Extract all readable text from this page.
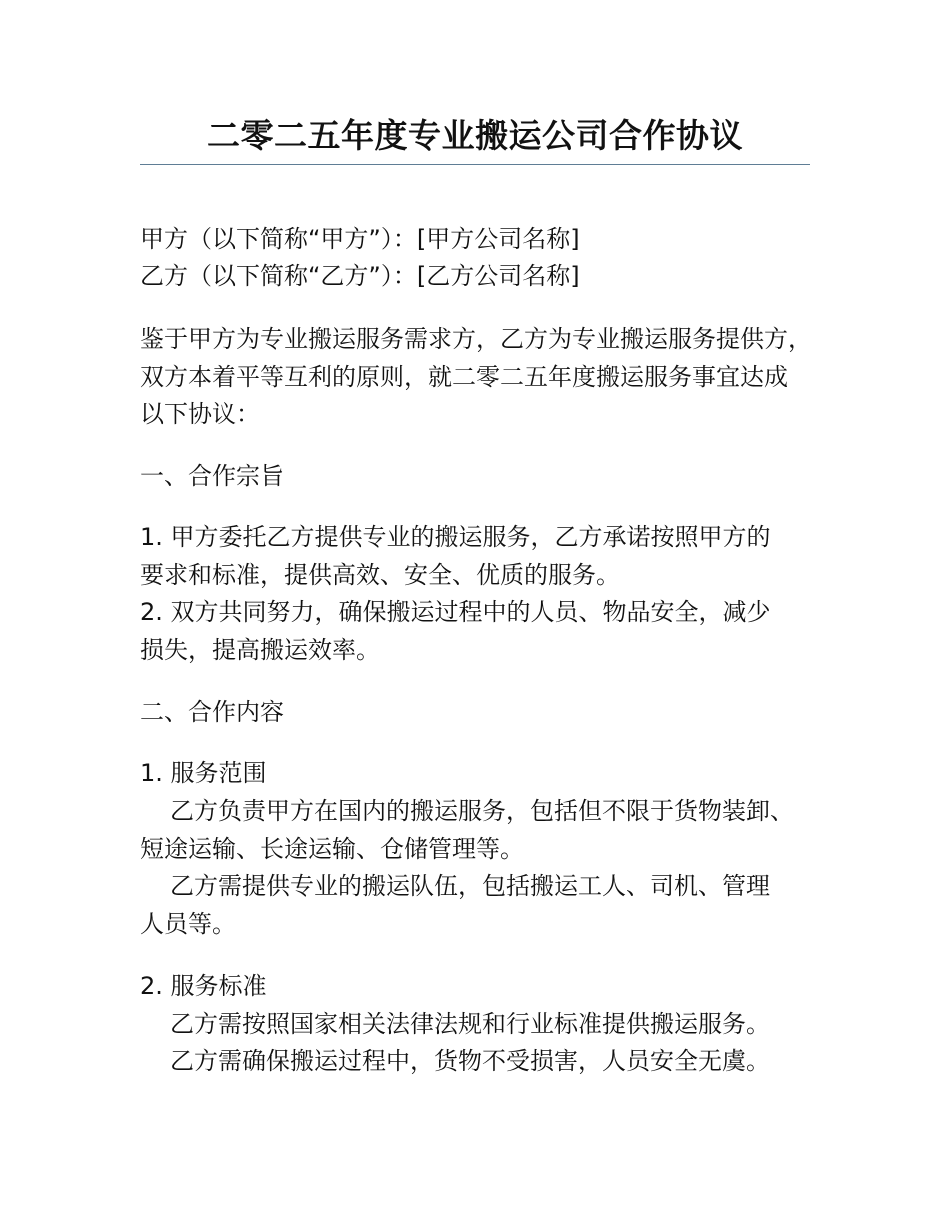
二零二五年度专业搬运公司合作协议
甲方（以下简称“甲方”）：[甲方公司名称]
乙方（以下简称“乙方”）：[乙方公司名称]
鉴于甲方为专业搬运服务需求方，乙方为专业搬运服务提供方，
双方本着平等互利的原则，就二零二五年度搬运服务事宜达成
以下协议：
一、合作宗旨
1. 甲方委托乙方提供专业的搬运服务，乙方承诺按照甲方的
要求和标准，提供高效、安全、优质的服务。
2. 双方共同努力，确保搬运过程中的人员、物品安全，减少
损失，提高搬运效率。
二、合作内容
1. 服务范围
乙方负责甲方在国内的搬运服务，包括但不限于货物装卸、
短途运输、长途运输、仓储管理等。
乙方需提供专业的搬运队伍，包括搬运工人、司机、管理
人员等。
2. 服务标准
乙方需按照国家相关法律法规和行业标准提供搬运服务。
乙方需确保搬运过程中，货物不受损害，人员安全无虞。
